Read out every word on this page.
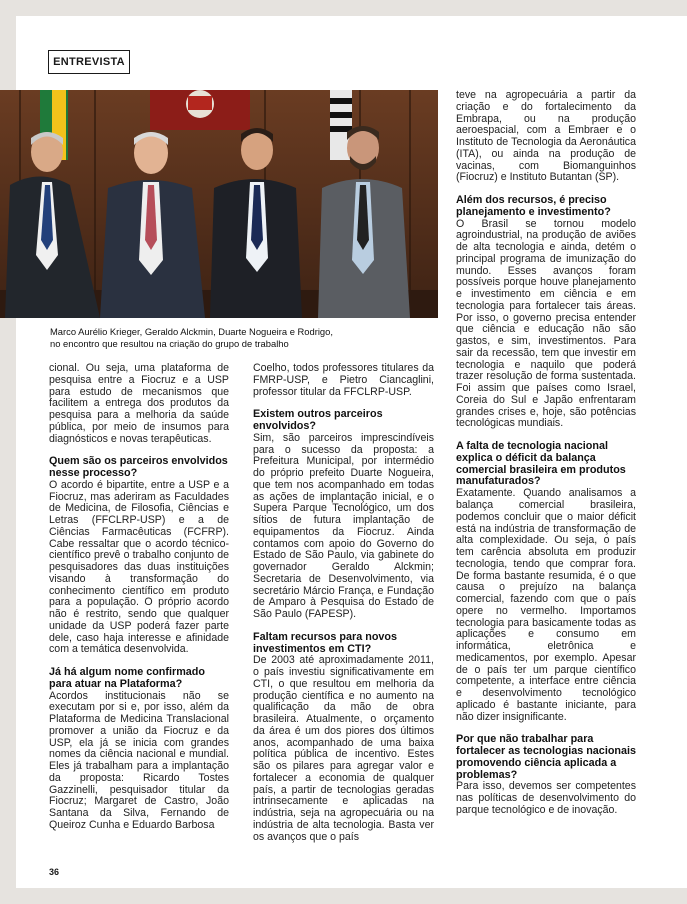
ENTREVISTA
Marco Aurélio Krieger, Geraldo Alckmin, Duarte Nogueira e Rodrigo,
no encontro que resultou na criação do grupo de trabalho

cional. Ou seja, uma plataforma de pesquisa entre a Fiocruz e a USP para estudo de mecanismos que facilitem a entrega dos produtos da pesquisa para a melhoria da saúde pública, por meio de insumos para diagnósticos e novas terapêuticas.

Quem são os parceiros envolvidos nesse processo?

O acordo é bipartite, entre a USP e a Fiocruz, mas aderiram as Faculdades de Medicina, de Filosofia, Ciências e Letras (FFCLRP-USP) e a de Ciências Farmacêuticas (FCFRP). Cabe ressaltar que o acordo técnico-científico prevê o trabalho conjunto de pesquisadores das duas instituições visando à transformação do conhecimento científico em produto para a população. O próprio acordo não é restrito, sendo que qualquer unidade da USP poderá fazer parte dele, caso haja interesse e afinidade com a temática desenvolvida.

Já há algum nome confirmado para atuar na Plataforma?

Acordos institucionais não se executam por si e, por isso, além da Plataforma de Medicina Translacional promover a união da Fiocruz e da USP, ela já se inicia com grandes nomes da ciência nacional e mundial. Eles já trabalham para a implantação da proposta: Ricardo Tostes Gazzinelli, pesquisador titular da Fiocruz; Margaret de Castro, João Santana da Silva, Fernando de Queiroz Cunha e Eduardo Barbosa

Coelho, todos professores titulares da FMRP-USP, e Pietro Ciancaglini, professor titular da FFCLRP-USP.

Existem outros parceiros envolvidos?

Sim, são parceiros imprescindíveis para o sucesso da proposta: a Prefeitura Municipal, por intermédio do próprio prefeito Duarte Nogueira, que tem nos acompanhado em todas as ações de implantação inicial, e o Supera Parque Tecnológico, um dos sítios de futura implantação de equipamentos da Fiocruz. Ainda contamos com apoio do Governo do Estado de São Paulo, via gabinete do governador Geraldo Alckmin; Secretaria de Desenvolvimento, via secretário Márcio França, e Fundação de Amparo à Pesquisa do Estado de São Paulo (FAPESP).

Faltam recursos para novos investimentos em CTI?

De 2003 até aproximadamente 2011, o país investiu significativamente em CTI, o que resultou em melhoria da produção científica e no aumento na qualificação da mão de obra brasileira. Atualmente, o orçamento da área é um dos piores dos últimos anos, acompanhado de uma baixa política pública de incentivo. Estes são os pilares para agregar valor e fortalecer a economia de qualquer país, a partir de tecnologias geradas intrinsecamente e aplicadas na indústria, seja na agropecuária ou na indústria de alta tecnologia. Basta ver os avanços que o país

teve na agropecuária a partir da criação e do fortalecimento da Embrapa, ou na produção aeroespacial, com a Embraer e o Instituto de Tecnologia da Aeronáutica (ITA), ou ainda na produção de vacinas, com Biomanguinhos (Fiocruz) e Instituto Butantan (SP).

Além dos recursos, é preciso planejamento e investimento?

O Brasil se tornou modelo agroindustrial, na produção de aviões de alta tecnologia e ainda, detém o principal programa de imunização do mundo. Esses avanços foram possíveis porque houve planejamento e investimento em ciência e em tecnologia para fortalecer tais áreas. Por isso, o governo precisa entender que ciência e educação não são gastos, e sim, investimentos. Para sair da recessão, tem que investir em tecnologia e naquilo que poderá trazer resolução de forma sustentada. Foi assim que países como Israel, Coreia do Sul e Japão enfrentaram grandes crises e, hoje, são potências tecnológicas mundiais.

A falta de tecnologia nacional explica o déficit da balança comercial brasileira em produtos manufaturados?

Exatamente. Quando analisamos a balança comercial brasileira, podemos concluir que o maior déficit está na indústria de transformação de alta complexidade. Ou seja, o país tem carência absoluta em produzir tecnologia, tendo que comprar fora. De forma bastante resumida, é o que causa o prejuízo na balança comercial, fazendo com que o país opere no vermelho. Importamos tecnologia para basicamente todas as aplicações e consumo em informática, eletrônica e medicamentos, por exemplo. Apesar de o país ter um parque científico competente, a interface entre ciência e desenvolvimento tecnológico aplicado é bastante iniciante, para não dizer insignificante.

Por que não trabalhar para fortalecer as tecnologias nacionais promovendo ciência aplicada a problemas?

Para isso, devemos ser competentes nas políticas de desenvolvimento do parque tecnológico e de inovação.

36
